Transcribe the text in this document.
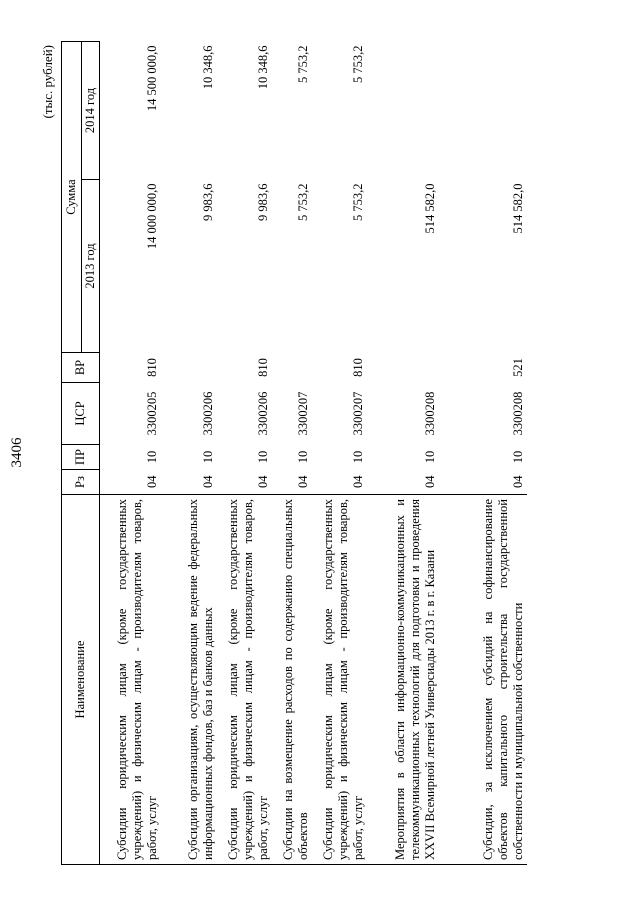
3406
(тыс. рублей)
Наименование	Рз	ПР	ЦСР	ВР	Сумма	
					2013 год	2014 год
Субсидии юридическим лицам (кроме государственных учреждений) и физическим лицам - производителям товаров, работ, услуг	04	10	3300205	810	14 000 000,0	14 500 000,0
Субсидии организациям, осуществляющим ведение федеральных информационных фондов, баз и банков данных	04	10	3300206		9 983,6	10 348,6
Субсидии юридическим лицам (кроме государственных учреждений) и физическим лицам - производителям товаров, работ, услуг	04	10	3300206	810	9 983,6	10 348,6
Субсидии на возмещение расходов по содержанию специальных объектов	04	10	3300207		5 753,2	5 753,2
Субсидии юридическим лицам (кроме государственных учреждений) и физическим лицам - производителям товаров, работ, услуг	04	10	3300207	810	5 753,2	5 753,2
Мероприятия в области информационно-коммуникационных и телекоммуникационных технологий для подготовки и проведения XXVII Всемирной летней Универсиады 2013 г. в г. Казани	04	10	3300208		514 582,0	
Субсидии, за исключением субсидий на софинансирование объектов капитального строительства государственной собственности и муниципальной собственности	04	10	3300208	521	514 582,0	
